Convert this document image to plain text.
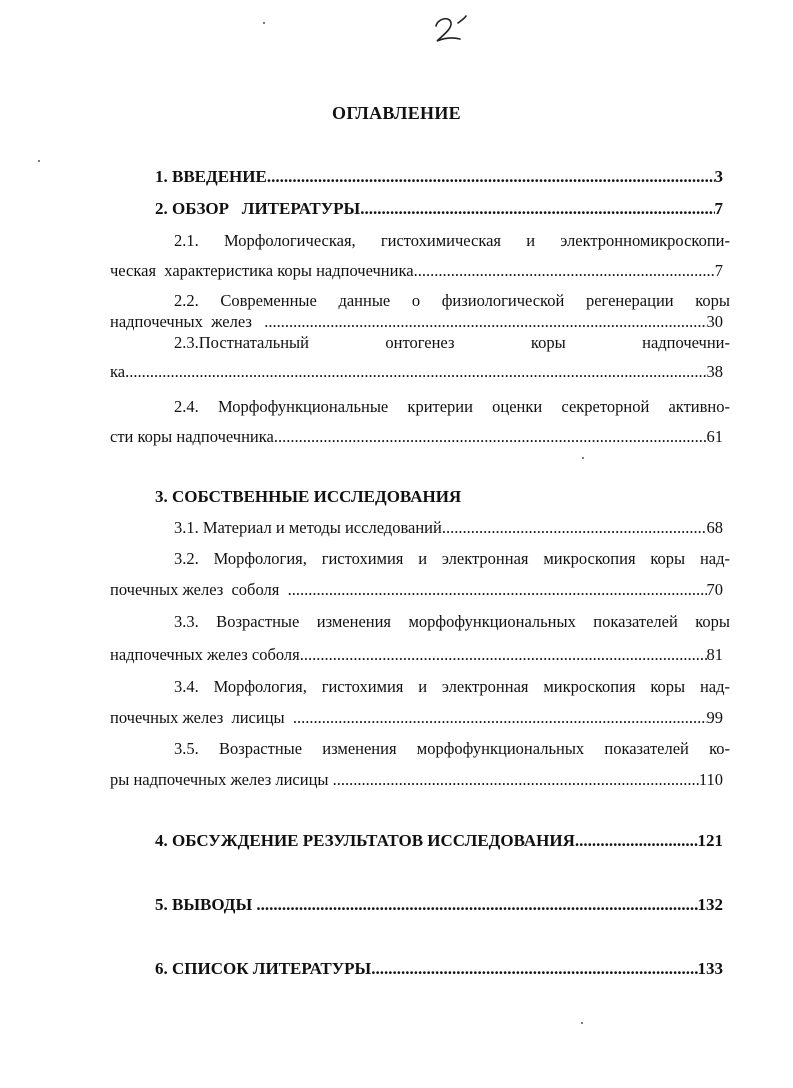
ОГЛАВЛЕНИЕ
1. ВВЕДЕНИЕ .....	3
2. ОБЗОР   ЛИТЕРАТУРЫ .....	7
2.1. Морфологическая, гистохимическая и электронномикроскопи-
ческая  характеристика коры надпочечника .....	7
2.2. Современные данные о физиологической регенерации коры
надпочечных  желез .....	30
2.3.Постнатальный онтогенез коры надпочечни-
ка .....	38
2.4. Морфофункциональные критерии оценки секреторной активно-
сти коры надпочечника .....	61
3. СОБСТВЕННЫЕ ИССЛЕДОВАНИЯ
3.1. Материал и методы исследований .....	68
3.2. Морфология, гистохимия и электронная микроскопия коры над-
почечных желез  соболя .....	70
3.3. Возрастные изменения морфофункциональных показателей коры
надпочечных желез соболя .....	81
3.4. Морфология, гистохимия и электронная микроскопия коры над-
почечных желез  лисицы .....	99
3.5. Возрастные изменения морфофункциональных показателей ко-
ры надпочечных желез лисицы .....	110
4. ОБСУЖДЕНИЕ РЕЗУЛЬТАТОВ ИССЛЕДОВАНИЯ .....	121
5. ВЫВОДЫ .....	132
6. СПИСОК ЛИТЕРАТУРЫ .....	133
